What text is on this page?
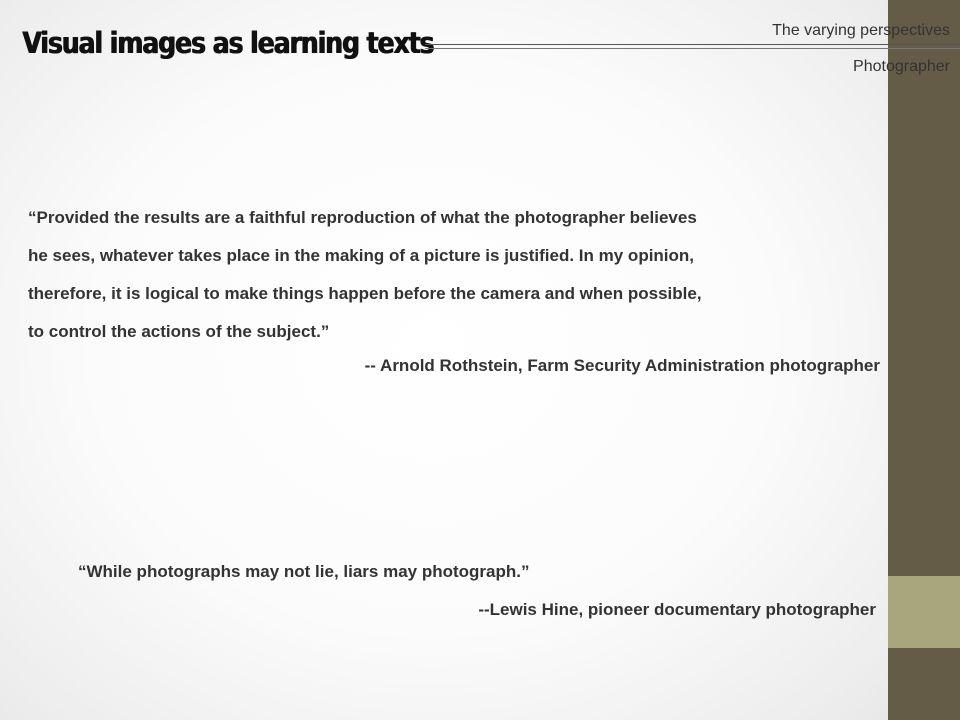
Visual images as learning texts	The varying perspectives
Photographer
“Provided the results are a faithful reproduction of what the photographer believes
he sees, whatever takes place in the making of a picture is justified. In my opinion,
therefore, it is logical to make things happen before the camera and when possible,
to control the actions of the subject.”
-- Arnold Rothstein, Farm Security Administration photographer
“While photographs may not lie, liars may photograph.”
--Lewis Hine, pioneer documentary photographer
